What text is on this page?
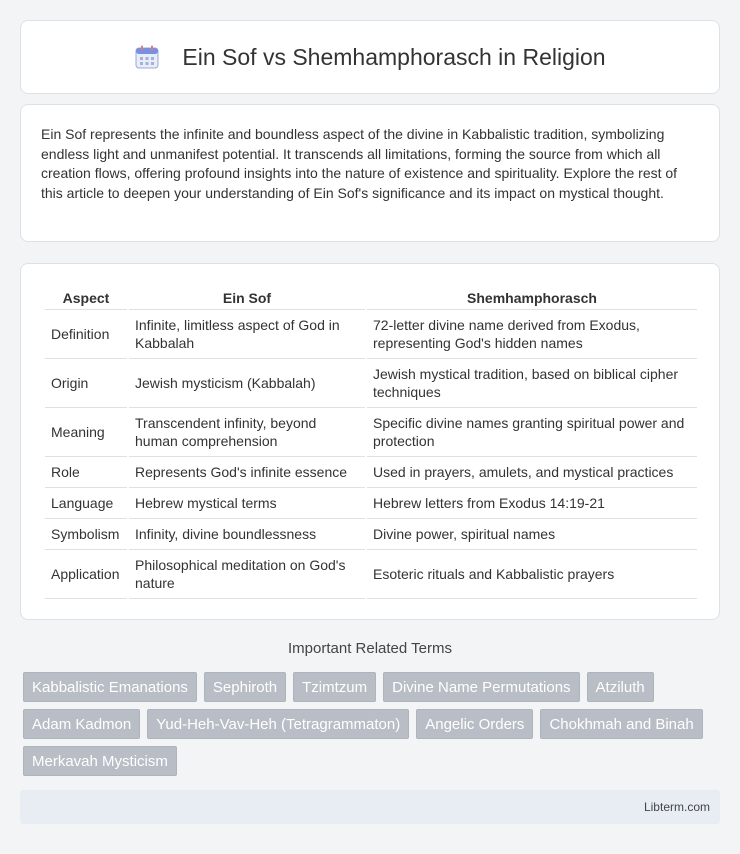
Ein Sof vs Shemhamphorasch in Religion

Ein Sof represents the infinite and boundless aspect of the divine in Kabbalistic tradition, symbolizing endless light and unmanifest potential. It transcends all limitations, forming the source from which all creation flows, offering profound insights into the nature of existence and spirituality. Explore the rest of this article to deepen your understanding of Ein Sof's significance and its impact on mystical thought.

Aspect	Ein Sof	Shemhamphorasch
Definition	Infinite, limitless aspect of God in Kabbalah	72-letter divine name derived from Exodus, representing God's hidden names
Origin	Jewish mysticism (Kabbalah)	Jewish mystical tradition, based on biblical cipher techniques
Meaning	Transcendent infinity, beyond human comprehension	Specific divine names granting spiritual power and protection
Role	Represents God's infinite essence	Used in prayers, amulets, and mystical practices
Language	Hebrew mystical terms	Hebrew letters from Exodus 14:19-21
Symbolism	Infinity, divine boundlessness	Divine power, spiritual names
Application	Philosophical meditation on God's nature	Esoteric rituals and Kabbalistic prayers
Important Related Terms
Kabbalistic Emanations	Sephiroth	Tzimtzum	Divine Name Permutations	Atziluth
Adam Kadmon	Yud-Heh-Vav-Heh (Tetragrammaton)	Angelic Orders	Chokhmah and Binah
Merkavah Mysticism
Libterm.com
